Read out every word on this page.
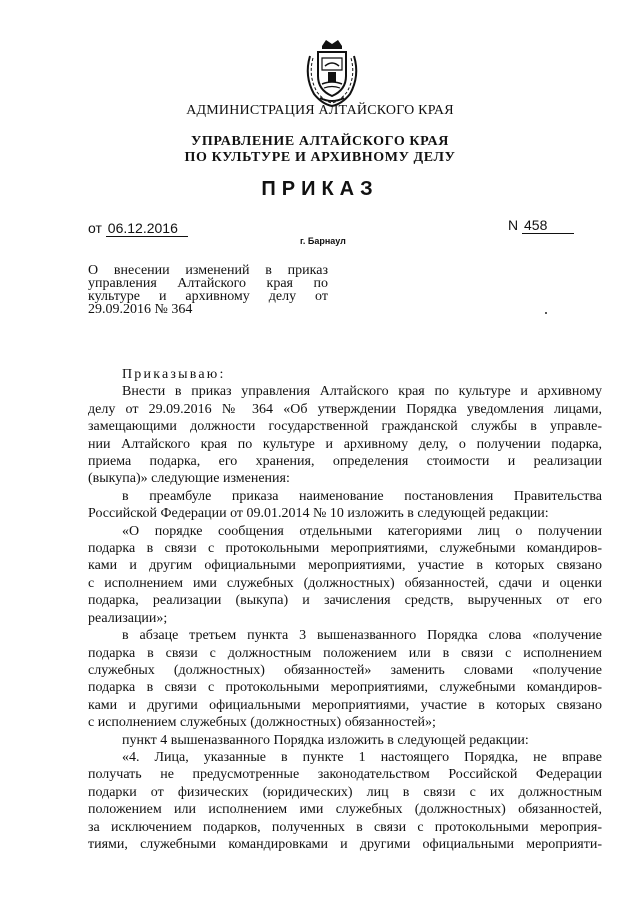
АДМИНИСТРАЦИЯ АЛТАЙСКОГО КРАЯ
УПРАВЛЕНИЕ АЛТАЙСКОГО КРАЯ
ПО КУЛЬТУРЕ И АРХИВНОМУ ДЕЛУ
ПРИКАЗ
от 06.12.2016	N 458
г. Барнаул
О внесении изменений в приказ
управления Алтайского края по
культуре и архивному делу от
29.09.2016 № 364
Приказываю:
Внести в приказ управления Алтайского края по культуре и архивному
делу от 29.09.2016 № 364 «Об утверждении Порядка уведомления лицами,
замещающими должности государственной гражданской службы в управле-
нии Алтайского края по культуре и архивному делу, о получении подарка,
приема подарка, его хранения, определения стоимости и реализации
(выкупа)» следующие изменения:
в преамбуле приказа наименование постановления Правительства
Российской Федерации от 09.01.2014 № 10 изложить в следующей редакции:
«О порядке сообщения отдельными категориями лиц о получении
подарка в связи с протокольными мероприятиями, служебными командиров-
ками и другим официальными мероприятиями, участие в которых связано
с исполнением ими служебных (должностных) обязанностей, сдачи и оценки
подарка, реализации (выкупа) и зачисления средств, вырученных от его
реализации»;
в абзаце третьем пункта 3 вышеназванного Порядка слова «получение
подарка в связи с должностным положением или в связи с исполнением
служебных (должностных) обязанностей» заменить словами «получение
подарка в связи с протокольными мероприятиями, служебными командиров-
ками и другими официальными мероприятиями, участие в которых связано
с исполнением служебных (должностных) обязанностей»;
пункт 4 вышеназванного Порядка изложить в следующей редакции:
«4. Лица, указанные в пункте 1 настоящего Порядка, не вправе
получать не предусмотренные законодательством Российской Федерации
подарки от физических (юридических) лиц в связи с их должностным
положением или исполнением ими служебных (должностных) обязанностей,
за исключением подарков, полученных в связи с протокольными мероприя-
тиями, служебными командировками и другими официальными мероприяти-
